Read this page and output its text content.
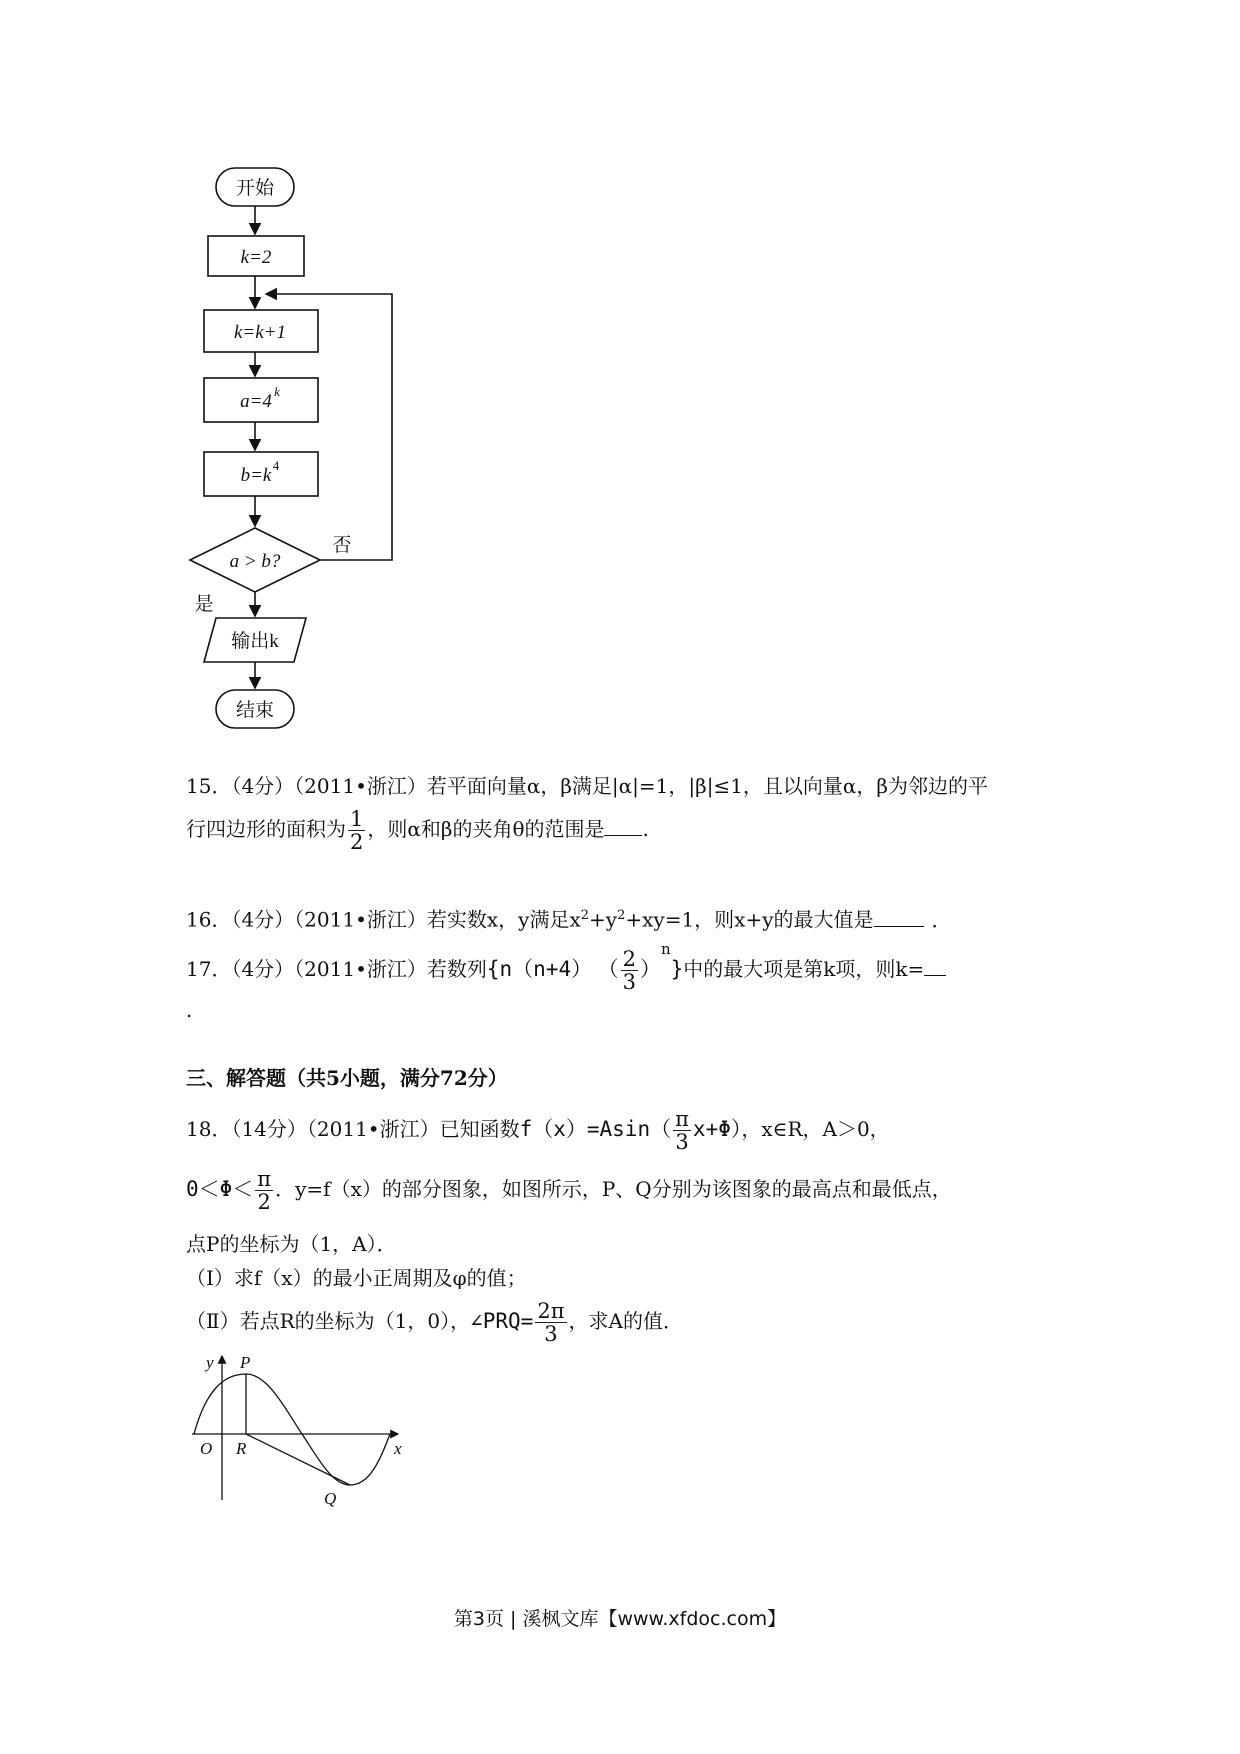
开始
k=2
k=k+1
a=4 k
b=k 4
a > b?
否
是
输出k
结束
15．（4分）（2011•浙江）若平面向量α，β满足|α|=1，|β|≤1，且以向量α，β为邻边的平
行四边形的面积为 $\frac{1}{2}$ ，则α和β的夹角θ的范围是 .
16．（4分）（2011•浙江）若实数x，y满足$x^2+y^2+xy=1$，则x+y的最大值是	．
17．（4分）（2011•浙江）若数列{n（n+4） （ $\frac{2}{3} )^n$}中的最大项是第k项，则k=
.
三、解答题（共5小题，满分72分）
18．（14分）（2011•浙江）已知函数$f(x)=Asin( \frac{\pi}{3} x+\Phi)$，x∈R，A＞0，
$0<\Phi< \frac{\pi}{2}$ ．y=f（x）的部分图象，如图所示，P、Q分别为该图象的最高点和最低点，
点P的坐标为（1，A）．
（Ⅰ）求f（x）的最小正周期及φ的值；
（Ⅱ）若点R的坐标为（1，0），∠PRQ= $\frac{2\pi}{3}$ ，求A的值．
y
x
O
P
R
Q
第3页 | 溪枫文库【www.xfdoc.com】
